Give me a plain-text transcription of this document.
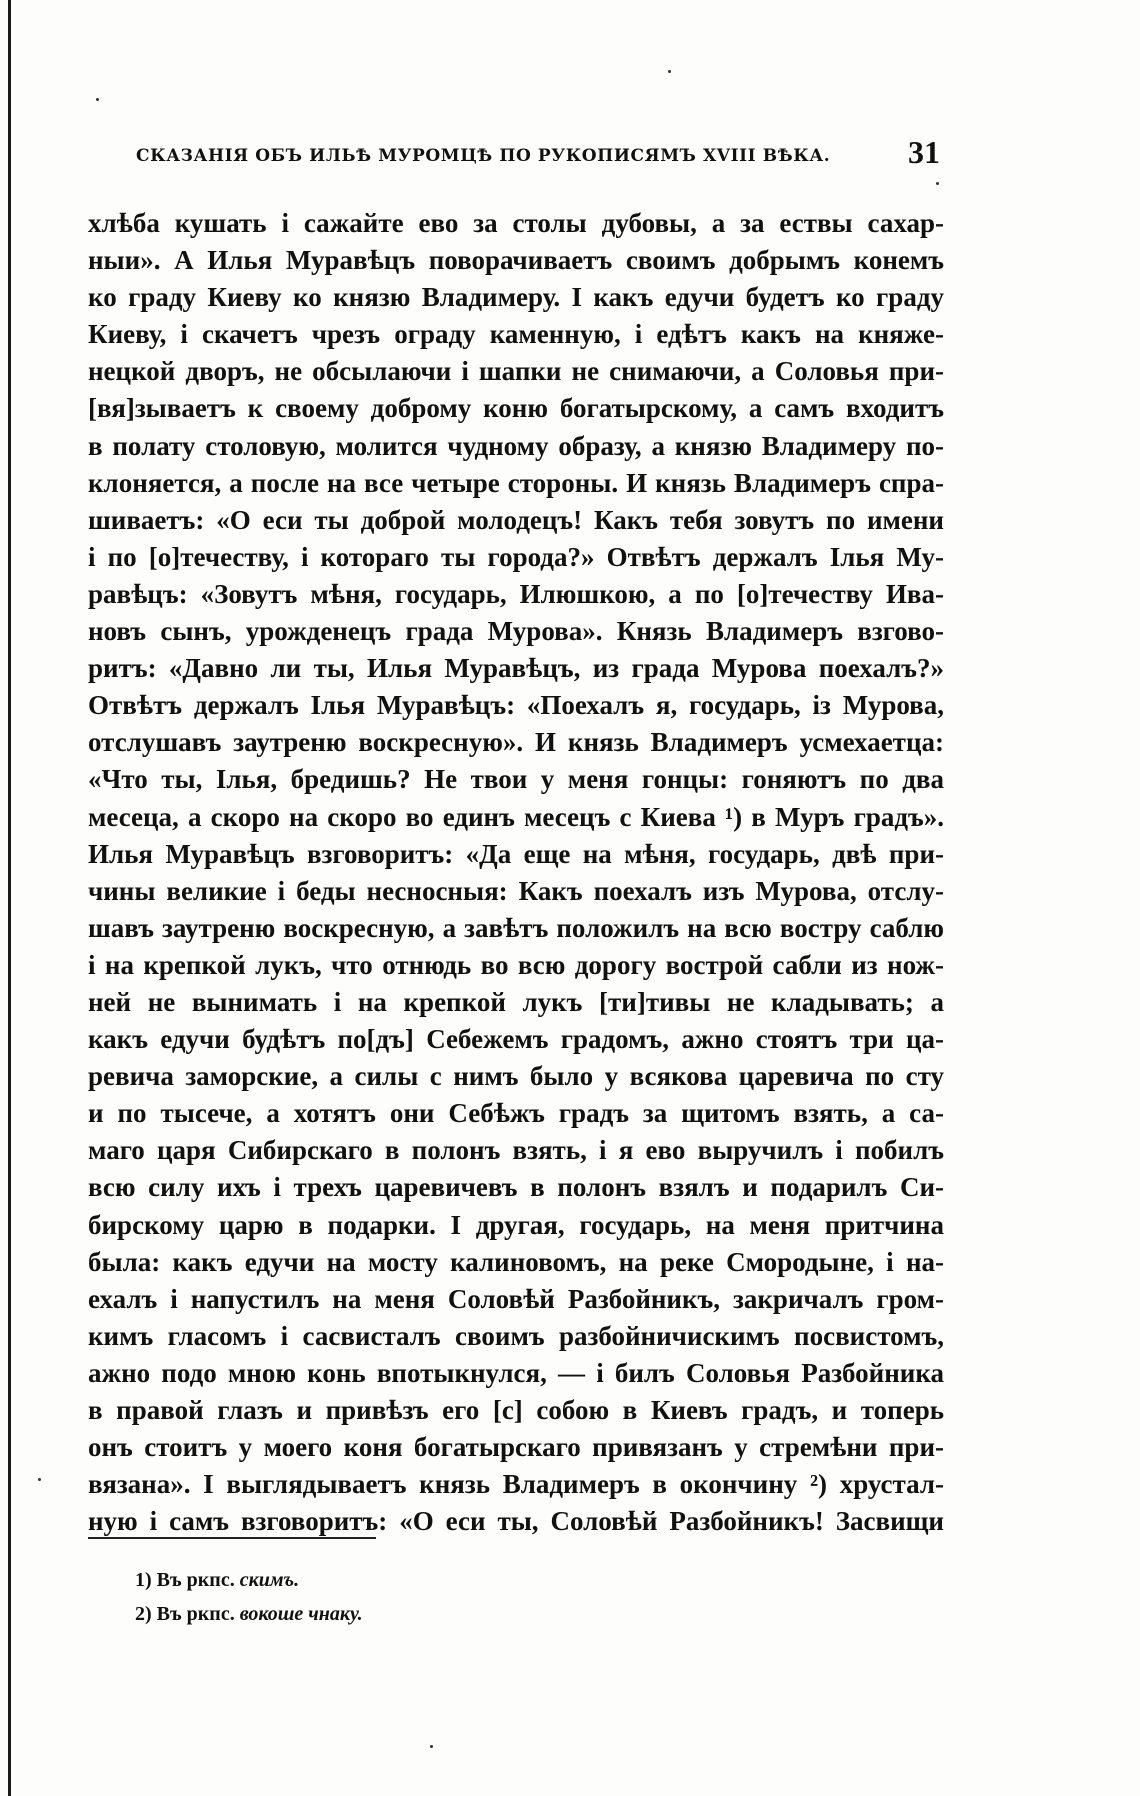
СКАЗАНІЯ ОБЪ ИЛЬѢ МУРОМЦѢ ПО РУКОПИСЯМЪ XVIII ВѢКА. 31
хлѣба кушать і сажайте ево за столы дубовы, а за ествы сахар-
ныи». А Илья Муравѣцъ поворачиваетъ своимъ добрымъ конемъ
ко граду Киеву ко князю Владимеру. І какъ едучи будетъ ко граду
Киеву, і скачетъ чрезъ ограду каменную, і едѣтъ какъ на княже-
нецкой дворъ, не обсылаючи і шапки не снимаючи, а Соловья при-
[вя]зываетъ к своему доброму коню богатырскому, а самъ входитъ
в полату столовую, молится чудному образу, а князю Владимеру по-
клоняется, а после на все четыре стороны. И князь Владимеръ спра-
шиваетъ: «О еси ты доброй молодецъ! Какъ тебя зовутъ по имени
і по [о]течеству, і котораго ты города?» Отвѣтъ держалъ Ілья Му-
равѣцъ: «Зовутъ мѣня, государь, Илюшкою, а по [о]течеству Ива-
новъ сынъ, урожденецъ града Мурова». Князь Владимеръ взгово-
ритъ: «Давно ли ты, Илья Муравѣцъ, из града Мурова поехалъ?»
Отвѣтъ держалъ Ілья Муравѣцъ: «Поехалъ я, государь, із Мурова,
отслушавъ заутреню воскресную». И князь Владимеръ усмехаетца:
«Что ты, Ілья, бредишь? Не твои у меня гонцы: гоняютъ по два
месеца, а скоро на скоро во единъ месецъ с Киева ¹) в Муръ градъ».
Илья Муравѣцъ взговоритъ: «Да еще на мѣня, государь, двѣ при-
чины великие і беды несносныя: Какъ поехалъ изъ Мурова, отслу-
шавъ заутреню воскресную, а завѣтъ положилъ на всю востру саблю
і на крепкой лукъ, что отнюдь во всю дорогу вострой сабли из нож-
ней не вынимать і на крепкой лукъ [ти]тивы не кладывать; а
какъ едучи будѣтъ по[дъ] Себежемъ градомъ, ажно стоятъ три ца-
ревича заморские, а силы с нимъ было у всякова царевича по сту
и по тысече, а хотятъ они Себѣжъ градъ за щитомъ взять, а са-
маго царя Сибирскаго в полонъ взять, і я ево выручилъ і побилъ
всю силу ихъ і трехъ царевичевъ в полонъ взялъ и подарилъ Си-
бирскому царю в подарки. І другая, государь, на меня притчина
была: какъ едучи на мосту калиновомъ, на реке Смородыне, і на-
ехалъ і напустилъ на меня Соловѣй Разбойникъ, закричалъ гром-
кимъ гласомъ і сасвисталъ своимъ разбойничискимъ посвистомъ,
ажно подо мною конь впотыкнулся, — і билъ Соловья Разбойника
в правой глазъ и привѣзъ его [с] собою в Киевъ градъ, и топерь
онъ стоитъ у моего коня богатырскаго привязанъ у стремѣни при-
вязана». І выглядываетъ князь Владимеръ в окончину ²) хрустал-
ную і самъ взговоритъ: «О еси ты, Соловѣй Разбойникъ! Засвищи
1) Въ ркпс. скимъ.
2) Въ ркпс. вокоше чнаку.
